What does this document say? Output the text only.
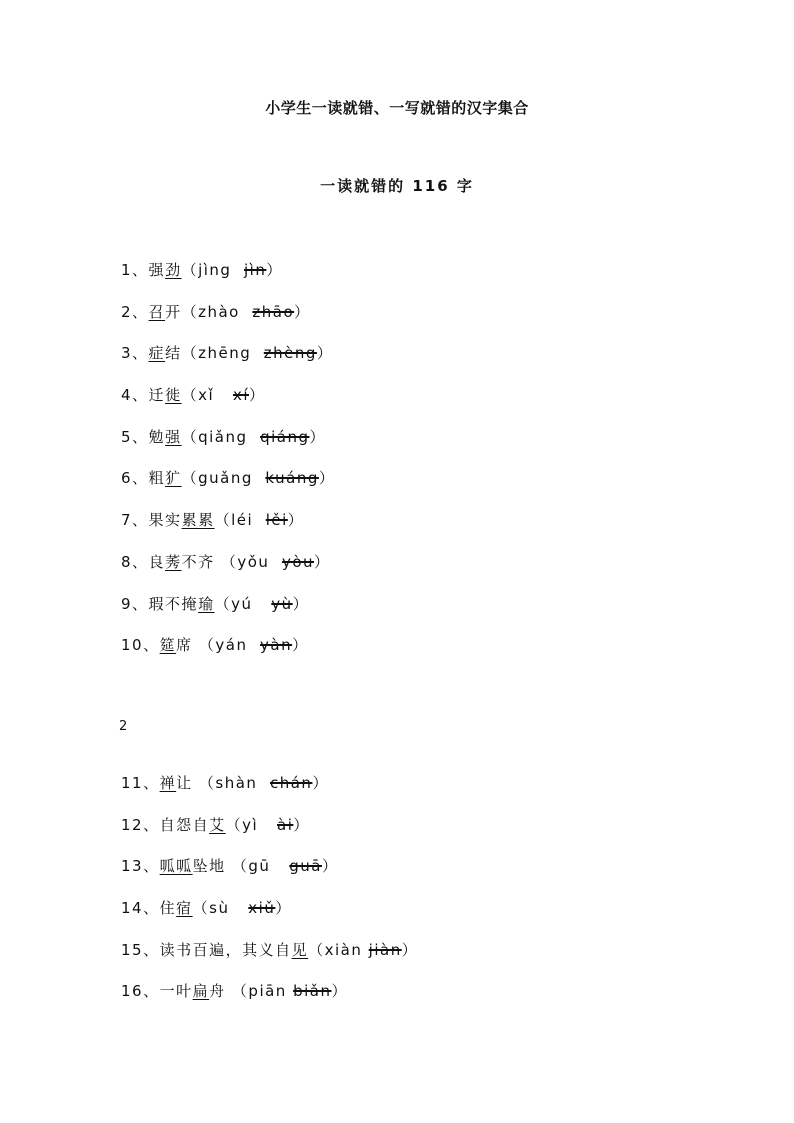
小学生一读就错、一写就错的汉字集合
一读就错的 116 字
1、强劲（jìng jìn）
2、召开（zhào zhāo）
3、症结（zhēng zhèng）
4、迁徙（xǐ xí）
5、勉强（qiǎng qiáng）
6、粗犷（guǎng kuáng）
7、果实累累（léi lěi）
8、良莠不齐 （yǒu yòu）
9、瑕不掩瑜（yú yù）
10、筵席 （yán yàn）
2
11、禅让 （shàn chán）
12、自怨自艾（yì ài）
13、呱呱坠地 （gū guā）
14、住宿（sù xiǔ）
15、读书百遍，其义自见（xiàn jiàn）
16、一叶扁舟 （piān biǎn）
